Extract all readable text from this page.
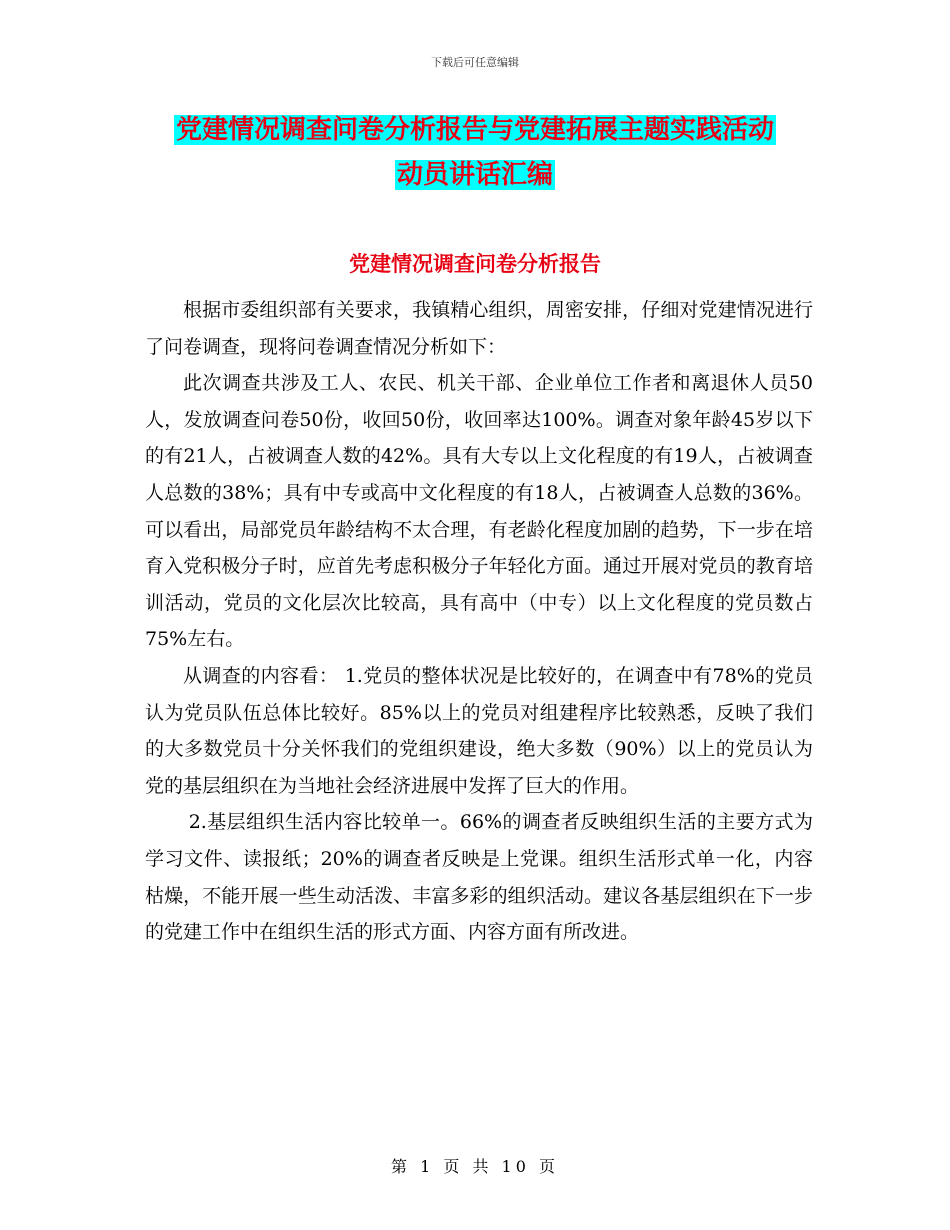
下载后可任意编辑
党建情况调查问卷分析报告与党建拓展主题实践活动
动员讲话汇编
党建情况调查问卷分析报告

根据市委组织部有关要求，我镇精心组织，周密安排，仔细对党建情况进行了问卷调查，现将问卷调查情况分析如下：

此次调查共涉及工人、农民、机关干部、企业单位工作者和离退休人员50人，发放调查问卷50份，收回50份，收回率达100%。调查对象年龄45岁以下的有21人，占被调查人数的42%。具有大专以上文化程度的有19人，占被调查人总数的38%；具有中专或高中文化程度的有18人，占被调查人总数的36%。可以看出，局部党员年龄结构不太合理，有老龄化程度加剧的趋势，下一步在培育入党积极分子时，应首先考虑积极分子年轻化方面。通过开展对党员的教育培训活动，党员的文化层次比较高，具有高中（中专）以上文化程度的党员数占75%左右。

从调查的内容看： 1.党员的整体状况是比较好的，在调查中有78%的党员认为党员队伍总体比较好。85%以上的党员对组建程序比较熟悉，反映了我们的大多数党员十分关怀我们的党组织建设，绝大多数（90%）以上的党员认为党的基层组织在为当地社会经济进展中发挥了巨大的作用。

2.基层组织生活内容比较单一。66%的调查者反映组织生活的主要方式为学习文件、读报纸；20%的调查者反映是上党课。组织生活形式单一化，内容枯燥，不能开展一些生动活泼、丰富多彩的组织活动。建议各基层组织在下一步的党建工作中在组织生活的形式方面、内容方面有所改进。

第 1 页 共 10 页
